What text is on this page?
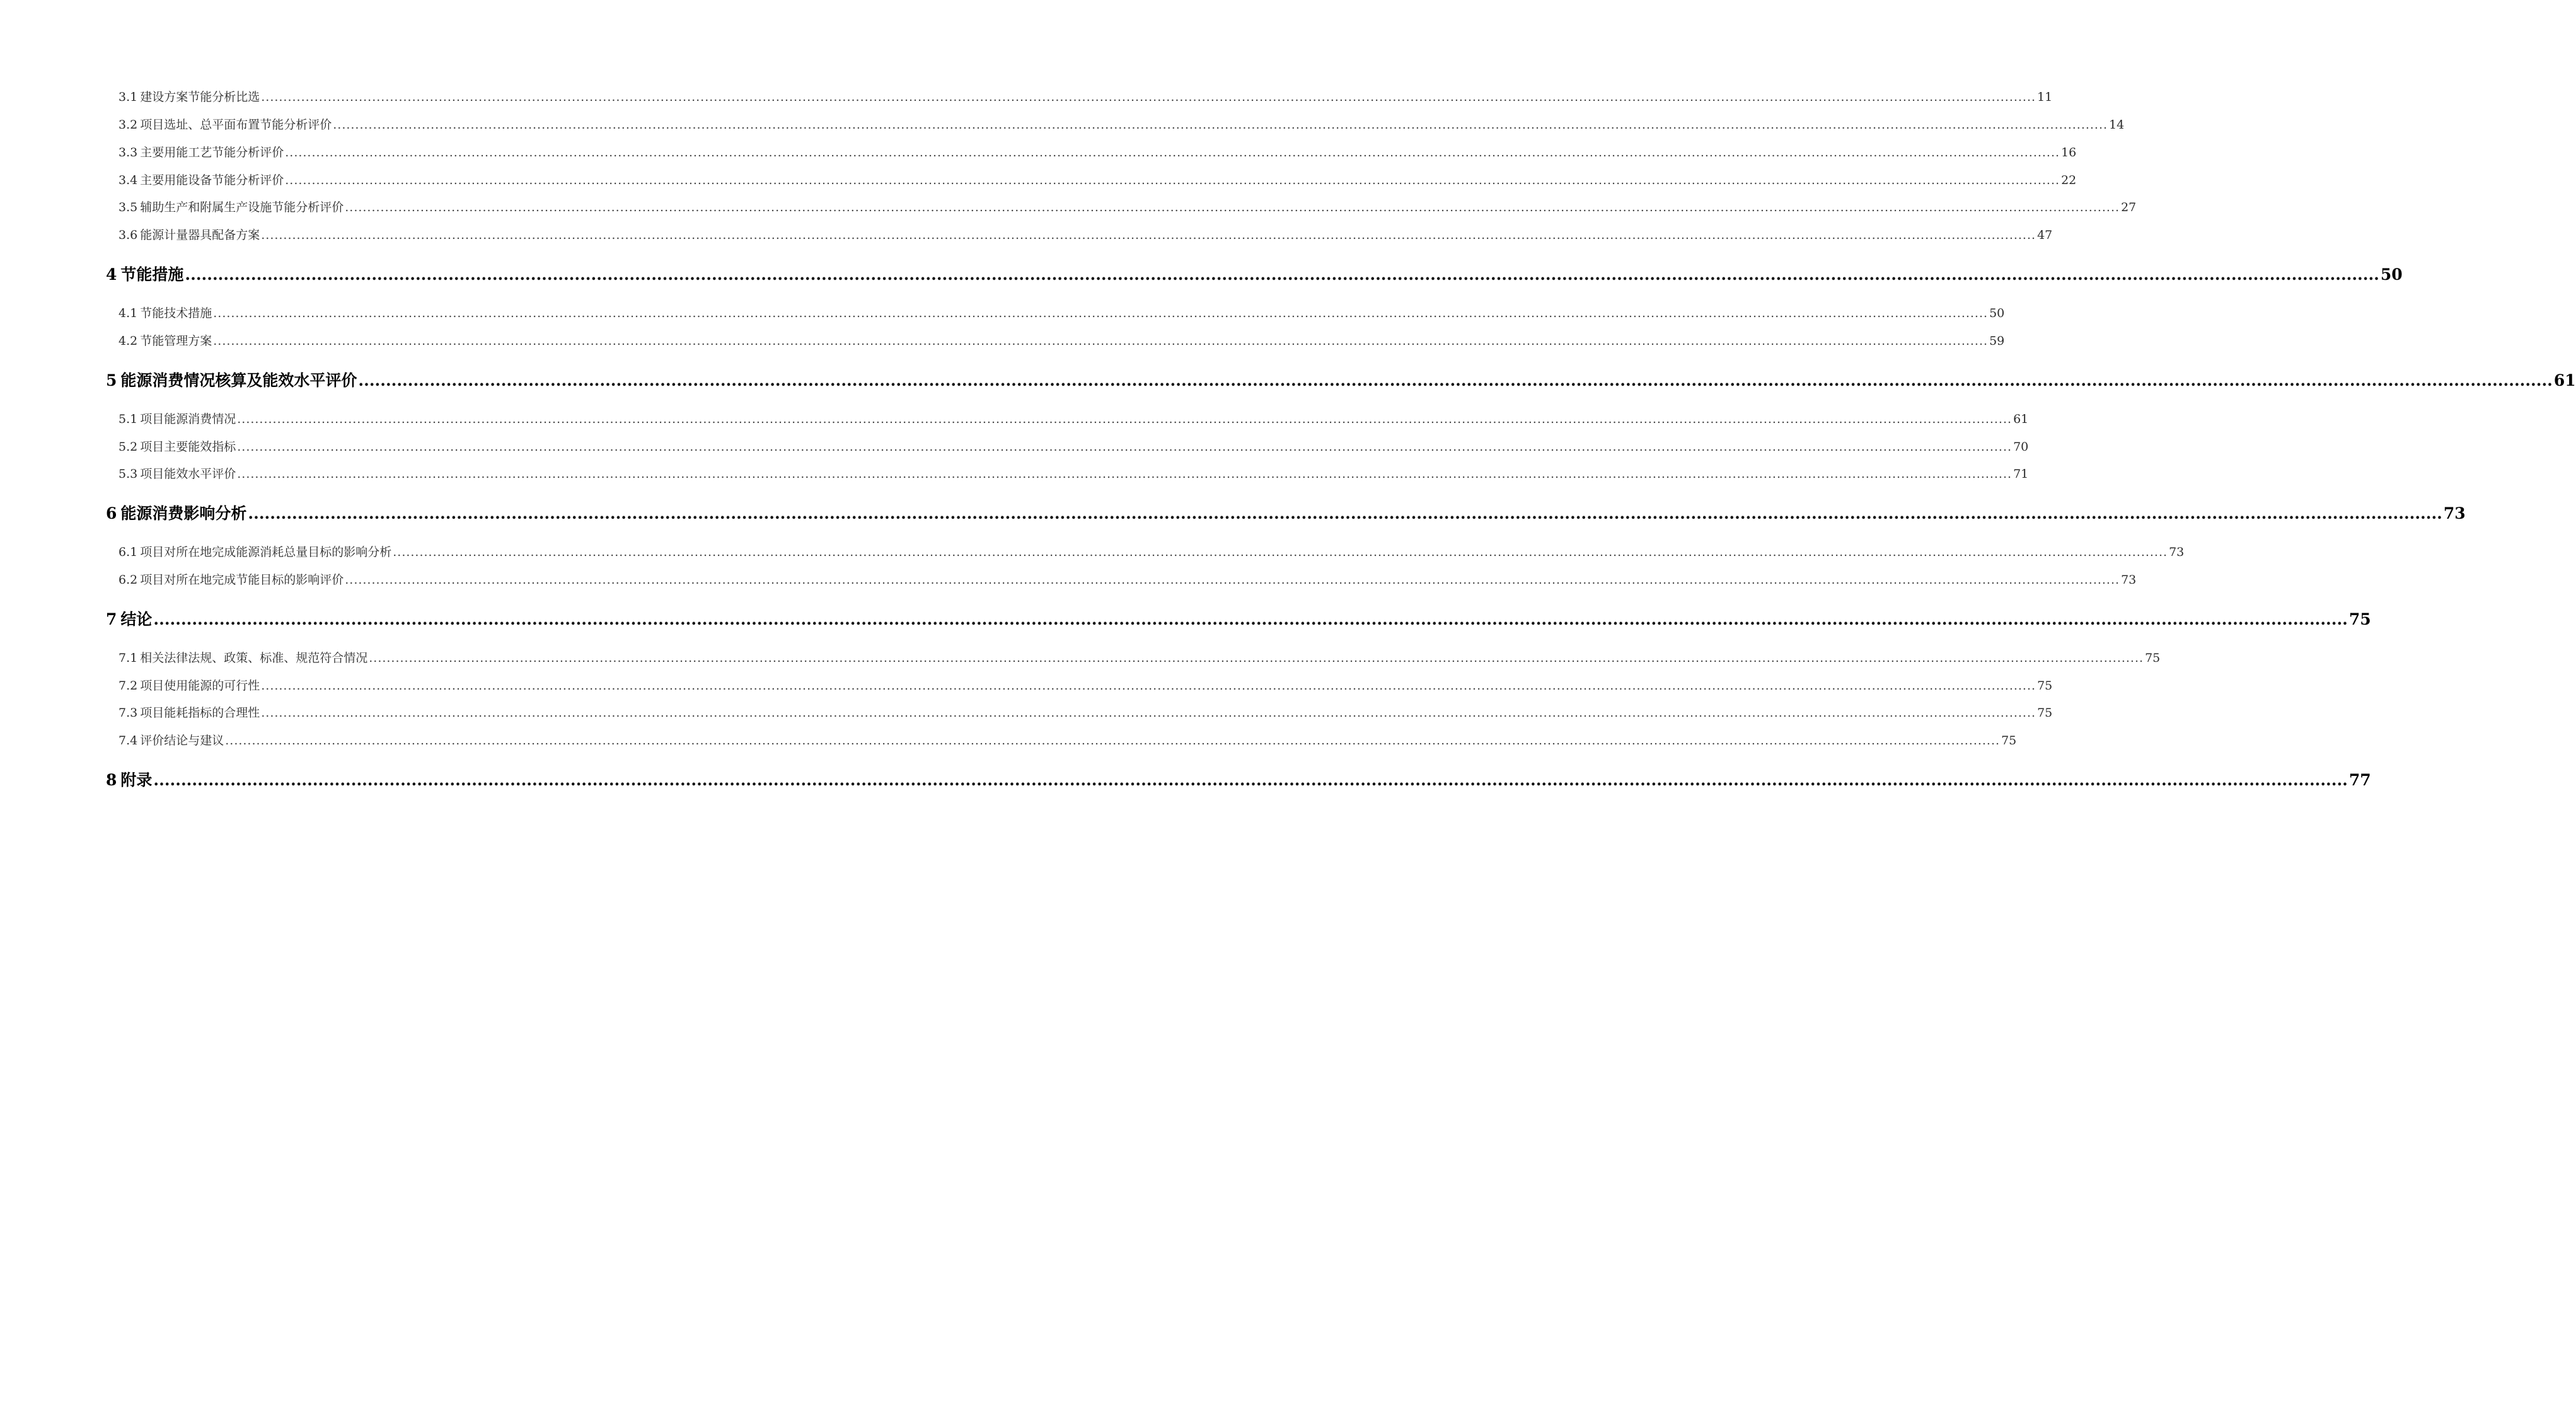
3.1 建设方案节能分析比选 ................................................................................................................................................................................................................................................................................................................................................................................................................ 11
3.2 项目选址、总平面布置节能分析评价 ................................................................................................................................................................................................................................................................................................................................................................................................................ 14
3.3 主要用能工艺节能分析评价 ................................................................................................................................................................................................................................................................................................................................................................................................................ 16
3.4 主要用能设备节能分析评价 ................................................................................................................................................................................................................................................................................................................................................................................................................ 22
3.5 辅助生产和附属生产设施节能分析评价 ................................................................................................................................................................................................................................................................................................................................................................................................................ 27
3.6 能源计量器具配备方案 ................................................................................................................................................................................................................................................................................................................................................................................................................ 47
4 节能措施 ................................................................................................................................................................................................................................................................................................................................................................................................................ 50
4.1 节能技术措施 ................................................................................................................................................................................................................................................................................................................................................................................................................ 50
4.2 节能管理方案 ................................................................................................................................................................................................................................................................................................................................................................................................................ 59
5 能源消费情况核算及能效水平评价 ................................................................................................................................................................................................................................................................................................................................................................................................................ 61
5.1 项目能源消费情况 ................................................................................................................................................................................................................................................................................................................................................................................................................ 61
5.2 项目主要能效指标 ................................................................................................................................................................................................................................................................................................................................................................................................................ 70
5.3 项目能效水平评价 ................................................................................................................................................................................................................................................................................................................................................................................................................ 71
6 能源消费影响分析 ................................................................................................................................................................................................................................................................................................................................................................................................................ 73
6.1 项目对所在地完成能源消耗总量目标的影响分析 ................................................................................................................................................................................................................................................................................................................................................................................................................ 73
6.2 项目对所在地完成节能目标的影响评价 ................................................................................................................................................................................................................................................................................................................................................................................................................ 73
7 结论 ................................................................................................................................................................................................................................................................................................................................................................................................................ 75
7.1 相关法律法规、政策、标准、规范符合情况 ................................................................................................................................................................................................................................................................................................................................................................................................................ 75
7.2 项目使用能源的可行性 ................................................................................................................................................................................................................................................................................................................................................................................................................ 75
7.3 项目能耗指标的合理性 ................................................................................................................................................................................................................................................................................................................................................................................................................ 75
7.4 评价结论与建议 ................................................................................................................................................................................................................................................................................................................................................................................................................ 75
8 附录 ................................................................................................................................................................................................................................................................................................................................................................................................................ 77
